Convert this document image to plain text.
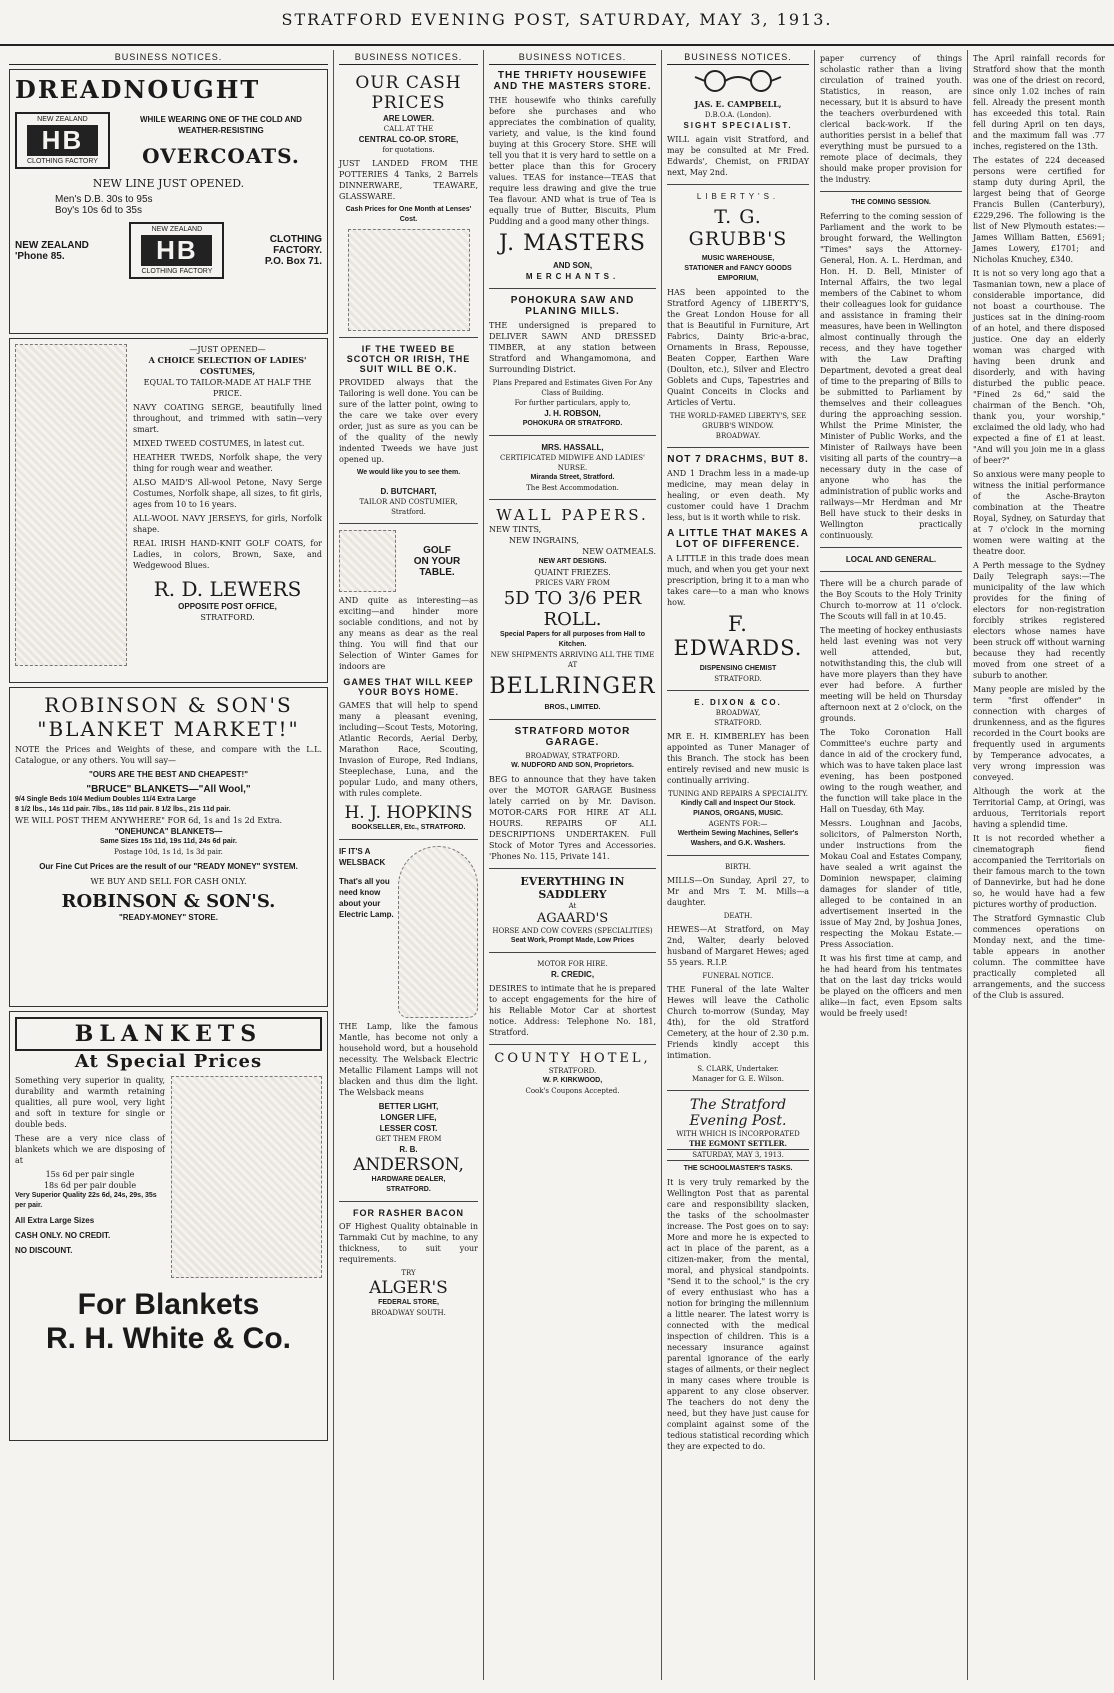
STRATFORD EVENING POST, SATURDAY, MAY 3, 1913.
BUSINESS NOTICES.
DREADNOUGHT
NEW ZEALAND
HB
CLOTHING FACTORY
WHILE WEARING ONE OF THE COLD AND WEATHER-RESISTING
OVERCOATS.
NEW LINE JUST OPENED.
Men's D.B. 30s to 95s
Boy's 10s 6d to 35s
NEW ZEALAND
'Phone 85.
NEW ZEALAND
HB
CLOTHING FACTORY
CLOTHING
FACTORY.
P.O. Box 71.
—JUST OPENED—
A CHOICE SELECTION OF LADIES' COSTUMES,
EQUAL TO TAILOR-MADE AT HALF THE PRICE.
NAVY COATING SERGE, beautifully lined throughout, and trimmed with satin—very smart.
MIXED TWEED COSTUMES, in latest cut.
HEATHER TWEDS, Norfolk shape, the very thing for rough wear and weather.
ALSO MAID'S All-wool Petone, Navy Serge Costumes, Norfolk shape, all sizes, to fit girls, ages from 10 to 16 years.
ALL-WOOL NAVY JERSEYS, for girls, Norfolk shape.
REAL IRISH HAND-KNIT GOLF COATS, for Ladies, in colors, Brown, Saxe, and Wedgewood Blues.
R. D. LEWERS
OPPOSITE POST OFFICE,
STRATFORD.
ROBINSON & SON'S
"BLANKET MARKET!"
NOTE the Prices and Weights of these, and compare with the L.L. Catalogue, or any others. You will say—
"OURS ARE THE BEST AND CHEAPEST!"
"BRUCE" BLANKETS—"All Wool,"
9/4 Single Beds 10/4 Medium Doubles 11/4 Extra Large
8 1/2 lbs., 14s 11d pair. 7lbs., 18s 11d pair. 8 1/2 lbs., 21s 11d pair.
WE WILL POST THEM ANYWHERE" FOR 6d, 1s and 1s 2d Extra.
"ONEHUNCA" BLANKETS—
Same Sizes 15s 11d, 19s 11d, 24s 6d pair.
Postage 10d, 1s 1d, 1s 3d pair.
Our Fine Cut Prices are the result of our "READY MONEY" SYSTEM.
WE BUY AND SELL FOR CASH ONLY.
ROBINSON & SON'S.
"READY-MONEY" STORE.
BLANKETS
At Special Prices
Something very superior in quality, durability and warmth retaining qualities, all pure wool, very light and soft in texture for single or double beds.
These are a very nice class of blankets which we are disposing of at
15s 6d per pair single
18s 6d per pair double
Very Superior Quality 22s 6d, 24s, 29s, 35s per pair.
All Extra Large Sizes
CASH ONLY. NO CREDIT.
NO DISCOUNT.
For Blankets
R. H. White & Co.
BUSINESS NOTICES.
OUR CASH PRICES
ARE LOWER.
CALL AT THE
CENTRAL CO-OP. STORE,
for quotations.
JUST LANDED FROM THE POTTERIES 4 Tanks, 2 Barrels DINNERWARE, TEAWARE, GLASSWARE.
Cash Prices for One Month at Lenses' Cost.
IF THE TWEED BE SCOTCH OR IRISH, THE SUIT WILL BE O.K.
PROVIDED always that the Tailoring is well done. You can be sure of the latter point, owing to the care we take over every order, just as sure as you can be of the quality of the newly indented Tweeds we have just opened up.
We would like you to see them.
D. BUTCHART,
TAILOR AND COSTUMIER,
Stratford.
GOLF
ON YOUR
TABLE.
AND quite as interesting—as exciting—and hinder more sociable conditions, and not by any means as dear as the real thing. You will find that our Selection of Winter Games for indoors are
GAMES THAT WILL KEEP YOUR BOYS HOME.
GAMES that will help to spend many a pleasant evening, including—Scout Tests, Motoring, Atlantic Records, Aerial Derby, Marathon Race, Scouting, Invasion of Europe, Red Indians, Steeplechase, Luna, and the popular Ludo, and many others, with rules complete.
H. J. HOPKINS
BOOKSELLER, Etc., STRATFORD.
IF IT'S A
WELSBACK
That's all you need know about your Electric Lamp.
THE Lamp, like the famous Mantle, has become not only a household word, but a household necessity. The Welsback Electric Metallic Filament Lamps will not blacken and thus dim the light. The Welsback means
BETTER LIGHT,
LONGER LIFE,
LESSER COST.
GET THEM FROM
R. B.
ANDERSON,
HARDWARE DEALER,
STRATFORD.
FOR RASHER BACON
OF Highest Quality obtainable in Tarnmaki Cut by machine, to any thickness, to suit your requirements.
TRY
ALGER'S
FEDERAL STORE,
BROADWAY SOUTH.
BUSINESS NOTICES.
THE THRIFTY HOUSEWIFE AND THE MASTERS STORE.
THE housewife who thinks carefully before she purchases and who appreciates the combination of quality, variety, and value, is the kind found buying at this Grocery Store. SHE will tell you that it is very hard to settle on a better place than this for Grocery values. TEAS for instance—TEAS that require less drawing and give the true Tea flavour. AND what is true of Tea is equally true of Butter, Biscuits, Plum Pudding and a good many other things.
J. MASTERS
AND SON,
MERCHANTS.
POHOKURA SAW AND PLANING MILLS.
THE undersigned is prepared to DELIVER SAWN AND DRESSED TIMBER, at any station between Stratford and Whangamomona, and Surrounding District.
Plans Prepared and Estimates Given For Any Class of Building.
For further particulars, apply to,
J. H. ROBSON,
POHOKURA OR STRATFORD.
MRS. HASSALL,
CERTIFICATED MIDWIFE AND LADIES' NURSE.
Miranda Street, Stratford.
The Best Accommodation.
WALL PAPERS.
NEW TINTS,
NEW INGRAINS,
NEW OATMEALS.
NEW ART DESIGNS.
QUAINT FRIEZES.
PRICES VARY FROM
5D TO 3/6 PER ROLL.
Special Papers for all purposes from Hall to Kitchen.
NEW SHIPMENTS ARRIVING ALL THE TIME
AT
BELLRINGER
BROS., LIMITED.
STRATFORD MOTOR GARAGE.
BROADWAY, STRATFORD.
W. NUDFORD AND SON, Proprietors.
BEG to announce that they have taken over the MOTOR GARAGE Business lately carried on by Mr. Davison. MOTOR-CARS FOR HIRE AT ALL HOURS. REPAIRS OF ALL DESCRIPTIONS UNDERTAKEN. Full Stock of Motor Tyres and Accessories. 'Phones No. 115, Private 141.
EVERYTHING IN SADDLERY
At
AGAARD'S
HORSE AND COW COVERS (SPECIALITIES)
Seat Work, Prompt Made, Low Prices
MOTOR FOR HIRE.
R. CREDIC,
DESIRES to intimate that he is prepared to accept engagements for the hire of his Reliable Motor Car at shortest notice. Address: Telephone No. 181, Stratford.
COUNTY HOTEL,
STRATFORD.
W. P. KIRKWOOD,
Cook's Coupons Accepted.
BUSINESS NOTICES.
JAS. E. CAMPBELL,
D.B.O.A. (London).
SIGHT SPECIALIST.
WILL again visit Stratford, and may be consulted at Mr Fred. Edwards', Chemist, on FRIDAY next, May 2nd.
LIBERTY'S.
T. G. GRUBB'S
MUSIC WAREHOUSE,
STATIONER and FANCY GOODS EMPORIUM,
HAS been appointed to the Stratford Agency of LIBERTY'S, the Great London House for all that is Beautiful in Furniture, Art Fabrics, Dainty Bric-a-brac, Ornaments in Brass, Repousse, Beaten Copper, Earthen Ware (Doulton, etc.), Silver and Electro Goblets and Cups, Tapestries and Quaint Conceits in Clocks and Articles of Vertu.
THE WORLD-FAMED LIBERTY'S, SEE GRUBB'S WINDOW.
BROADWAY.
NOT 7 DRACHMS, BUT 8.
AND 1 Drachm less in a made-up medicine, may mean delay in healing, or even death. My customer could have 1 Drachm less, but is it worth while to risk.
A LITTLE THAT MAKES A LOT OF DIFFERENCE.
A LITTLE in this trade does mean much, and when you get your next prescription, bring it to a man who takes care—to a man who knows how.
F. EDWARDS.
DISPENSING CHEMIST
STRATFORD.
E. DIXON & CO.
BROADWAY,
STRATFORD.
MR E. H. KIMBERLEY has been appointed as Tuner Manager of this Branch. The stock has been entirely revised and new music is continually arriving.
TUNING AND REPAIRS A SPECIALITY.
Kindly Call and Inspect Our Stock. PIANOS, ORGANS, MUSIC.
AGENTS FOR:—
Wertheim Sewing Machines, Seller's Washers, and G.K. Washers.
BIRTH.
MILLS—On Sunday, April 27, to Mr and Mrs T. M. Mills—a daughter.
DEATH.
HEWES—At Stratford, on May 2nd, Walter, dearly beloved husband of Margaret Hewes; aged 55 years. R.I.P.
FUNERAL NOTICE.
THE Funeral of the late Walter Hewes will leave the Catholic Church to-morrow (Sunday, May 4th), for the old Stratford Cemetery, at the hour of 2.30 p.m. Friends kindly accept this intimation.
S. CLARK, Undertaker.
Manager for G. E. Wilson.
The Stratford Evening Post.
WITH WHICH IS INCORPORATED
THE EGMONT SETTLER.
SATURDAY, MAY 3, 1913.
THE SCHOOLMASTER'S TASKS.
It is very truly remarked by the Wellington Post that as parental care and responsibility slacken, the tasks of the schoolmaster increase. The Post goes on to say: More and more he is expected to act in place of the parent, as a citizen-maker, from the mental, moral, and physical standpoints. "Send it to the school," is the cry of every enthusiast who has a notion for bringing the millennium a little nearer. The latest worry is connected with the medical inspection of children. This is a necessary insurance against parental ignorance of the early stages of ailments, or their neglect in many cases where trouble is apparent to any close observer. The teachers do not deny the need, but they have just cause for complaint against some of the tedious statistical recording which they are expected to do.
paper currency of things scholastic rather than a living circulation of trained youth. Statistics, in reason, are necessary, but it is absurd to have the teachers overburdened with clerical back-work. If the authorities persist in a belief that everything must be pursued to a remote place of decimals, they should make proper provision for the industry.
THE COMING SESSION.
Referring to the coming session of Parliament and the work to be brought forward, the Wellington "Times" says the Attorney-General, Hon. A. L. Herdman, and Hon. H. D. Bell, Minister of Internal Affairs, the two legal members of the Cabinet to whom their colleagues look for guidance and assistance in framing their measures, have been in Wellington almost continually through the recess, and they have together with the Law Drafting Department, devoted a great deal of time to the preparing of Bills to be submitted to Parliament by themselves and their colleagues during the approaching session. Whilst the Prime Minister, the Minister of Public Works, and the Minister of Railways have been visiting all parts of the country—a necessary duty in the case of anyone who has the administration of public works and railways—Mr Herdman and Mr Bell have stuck to their desks in Wellington practically continuously.
LOCAL AND GENERAL.
There will be a church parade of the Boy Scouts to the Holy Trinity Church to-morrow at 11 o'clock. The Scouts will fall in at 10.45.
The meeting of hockey enthusiasts held last evening was not very well attended, but, notwithstanding this, the club will have more players than they have ever had before. A further meeting will be held on Thursday afternoon next at 2 o'clock, on the grounds.
The Toko Coronation Hall Committee's euchre party and dance in aid of the crockery fund, which was to have taken place last evening, has been postponed owing to the rough weather, and the function will take place in the Hall on Tuesday, 6th May.
Messrs. Loughnan and Jacobs, solicitors, of Palmerston North, under instructions from the Mokau Coal and Estates Company, have sealed a writ against the Dominion newspaper, claiming damages for slander of title, alleged to be contained in an advertisement inserted in the issue of May 2nd, by Joshua Jones, respecting the Mokau Estate.—Press Association.
It was his first time at camp, and he had heard from his tentmates that on the last day tricks would be played on the officers and men alike—in fact, even Epsom salts would be freely used!
The April rainfall records for Stratford show that the month was one of the driest on record, since only 1.02 inches of rain fell. Already the present month has exceeded this total. Rain fell during April on ten days, and the maximum fall was .77 inches, registered on the 13th.
The estates of 224 deceased persons were certified for stamp duty during April, the largest being that of George Francis Bullen (Canterbury), £229,296. The following is the list of New Plymouth estates:—James William Batten, £5691; James Lowery, £1701; and Nicholas Knuchey, £340.
It is not so very long ago that a Tasmanian town, new a place of considerable importance, did not boast a courthouse. The justices sat in the dining-room of an hotel, and there disposed justice. One day an elderly woman was charged with having been drunk and disorderly, and with having disturbed the public peace. "Fined 2s 6d," said the chairman of the Bench. "Oh, thank you, your worship," exclaimed the old lady, who had expected a fine of £1 at least. "And will you join me in a glass of beer?"
So anxious were many people to witness the initial performance of the Asche-Brayton combination at the Theatre Royal, Sydney, on Saturday that at 7 o'clock in the morning women were waiting at the theatre door.
A Perth message to the Sydney Daily Telegraph says:—The municipality of the law which provides for the fining of electors for non-registration forcibly strikes registered electors whose names have been struck off without warning because they had recently moved from one street of a suburb to another.
Many people are misled by the term "first offender" in connection with charges of drunkenness, and as the figures recorded in the Court books are frequently used in arguments by Temperance advocates, a very wrong impression was conveyed.
Although the work at the Territorial Camp, at Oringi, was arduous, Territorials report having a splendid time.
It is not recorded whether a cinematograph fiend accompanied the Territorials on their famous march to the town of Dannevirke, but had he done so, he would have had a few pictures worthy of production.
The Stratford Gymnastic Club commences operations on Monday next, and the time-table appears in another column. The committee have practically completed all arrangements, and the success of the Club is assured.
